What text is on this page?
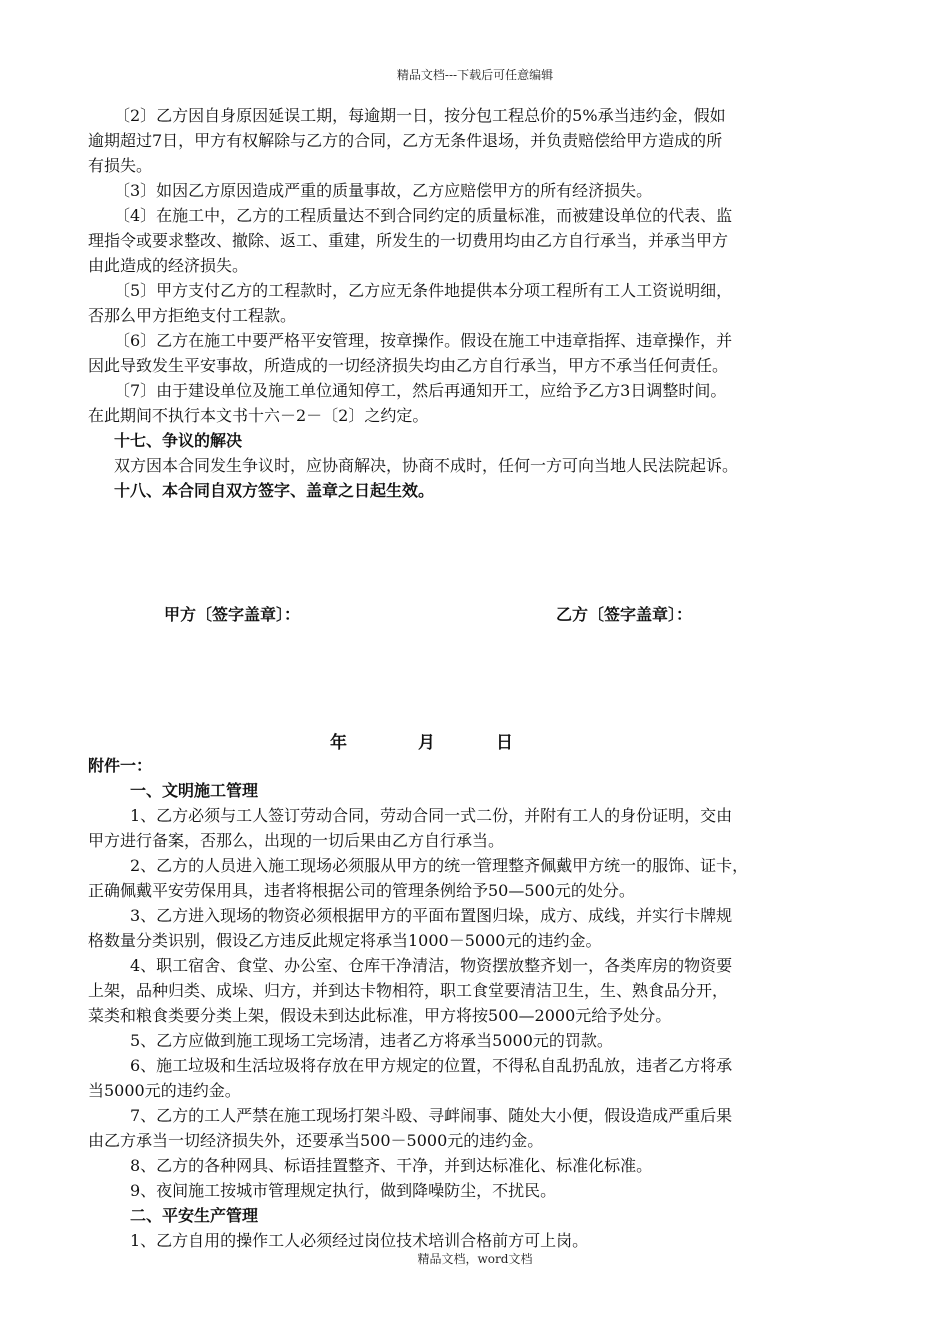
精品文档---下载后可任意编辑

〔2〕乙方因自身原因延误工期，每逾期一日，按分包工程总价的5%承当违约金，假如

逾期超过7日，甲方有权解除与乙方的合同，乙方无条件退场，并负责赔偿给甲方造成的所

有损失。

〔3〕如因乙方原因造成严重的质量事故，乙方应赔偿甲方的所有经济损失。

〔4〕在施工中，乙方的工程质量达不到合同约定的质量标准，而被建设单位的代表、监

理指令或要求整改、撤除、返工、重建，所发生的一切费用均由乙方自行承当，并承当甲方

由此造成的经济损失。

〔5〕甲方支付乙方的工程款时，乙方应无条件地提供本分项工程所有工人工资说明细，

否那么甲方拒绝支付工程款。

〔6〕乙方在施工中要严格平安管理，按章操作。假设在施工中违章指挥、违章操作，并

因此导致发生平安事故，所造成的一切经济损失均由乙方自行承当，甲方不承当任何责任。

〔7〕由于建设单位及施工单位通知停工，然后再通知开工，应给予乙方3日调整时间。

在此期间不执行本文书十六－2－〔2〕之约定。

十七、争议的解决

双方因本合同发生争议时，应协商解决，协商不成时，任何一方可向当地人民法院起诉。

十八、本合同自双方签字、盖章之日起生效。

甲方〔签字盖章〕：	乙方〔签字盖章〕：
年	月	日

附件一：

一、文明施工管理

1、乙方必须与工人签订劳动合同，劳动合同一式二份，并附有工人的身份证明，交由

甲方进行备案，否那么，出现的一切后果由乙方自行承当。

2、乙方的人员进入施工现场必须服从甲方的统一管理整齐佩戴甲方统一的服饰、证卡，

正确佩戴平安劳保用具，违者将根据公司的管理条例给予50—500元的处分。

3、乙方进入现场的物资必须根据甲方的平面布置图归垛，成方、成线，并实行卡牌规

格数量分类识别，假设乙方违反此规定将承当1000－5000元的违约金。

4、职工宿舍、食堂、办公室、仓库干净清洁，物资摆放整齐划一，各类库房的物资要

上架，品种归类、成垛、归方，并到达卡物相符，职工食堂要清洁卫生，生、熟食品分开，

菜类和粮食类要分类上架，假设未到达此标准，甲方将按500—2000元给予处分。

5、乙方应做到施工现场工完场清，违者乙方将承当5000元的罚款。

6、施工垃圾和生活垃圾将存放在甲方规定的位置，不得私自乱扔乱放，违者乙方将承

当5000元的违约金。

7、乙方的工人严禁在施工现场打架斗殴、寻衅闹事、随处大小便，假设造成严重后果

由乙方承当一切经济损失外，还要承当500－5000元的违约金。

8、乙方的各种网具、标语挂置整齐、干净，并到达标准化、标准化标准。

9、夜间施工按城市管理规定执行，做到降噪防尘，不扰民。

二、平安生产管理

1、乙方自用的操作工人必须经过岗位技术培训合格前方可上岗。

精品文档，word文档
